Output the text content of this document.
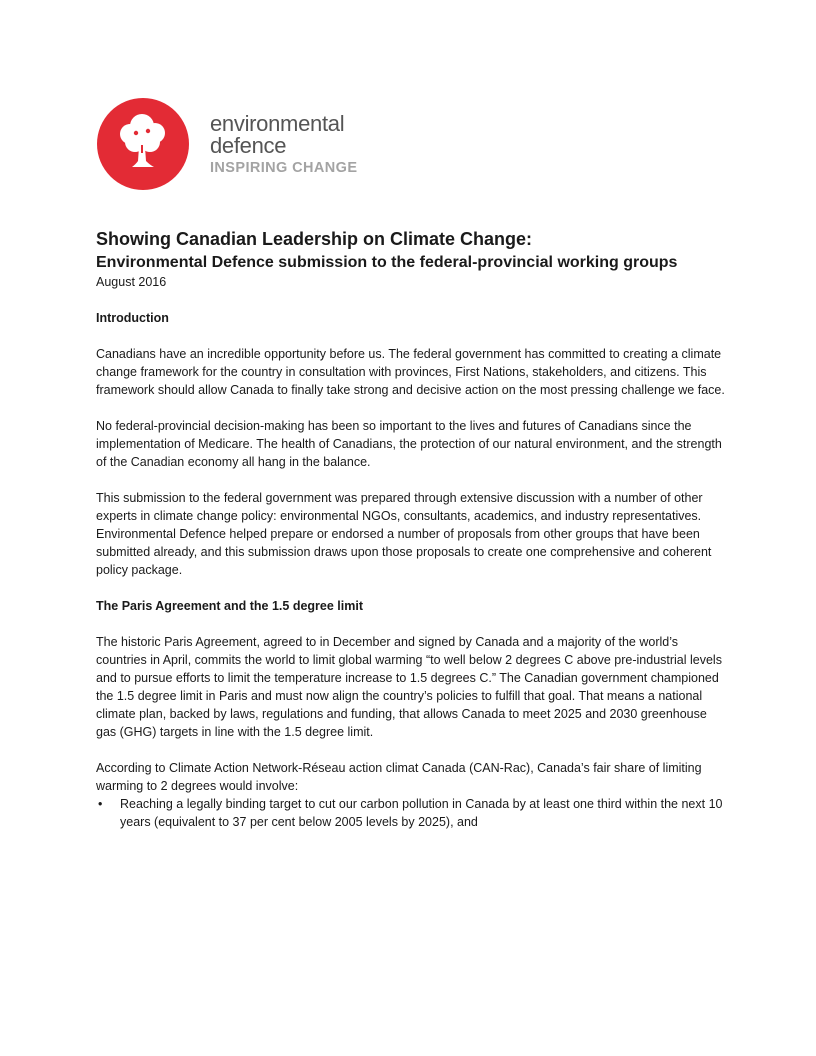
environmental
defence
INSPIRING CHANGE
Showing Canadian Leadership on Climate Change:
Environmental Defence submission to the federal-provincial working groups

August 2016

Introduction

Canadians have an incredible opportunity before us. The federal government has committed to creating a climate change framework for the country in consultation with provinces, First Nations, stakeholders, and citizens. This framework should allow Canada to finally take strong and decisive action on the most pressing challenge we face.

No federal-provincial decision-making has been so important to the lives and futures of Canadians since the implementation of Medicare. The health of Canadians, the protection of our natural environment, and the strength of the Canadian economy all hang in the balance.

This submission to the federal government was prepared through extensive discussion with a number of other experts in climate change policy: environmental NGOs, consultants, academics, and industry representatives. Environmental Defence helped prepare or endorsed a number of proposals from other groups that have been submitted already, and this submission draws upon those proposals to create one comprehensive and coherent policy package.

The Paris Agreement and the 1.5 degree limit

The historic Paris Agreement, agreed to in December and signed by Canada and a majority of the world’s countries in April, commits the world to limit global warming “to well below 2 degrees C above pre-industrial levels and to pursue efforts to limit the temperature increase to 1.5 degrees C.” The Canadian government championed the 1.5 degree limit in Paris and must now align the country’s policies to fulfill that goal. That means a national climate plan, backed by laws, regulations and funding, that allows Canada to meet 2025 and 2030 greenhouse gas (GHG) targets in line with the 1.5 degree limit.

According to Climate Action Network-Réseau action climat Canada (CAN-Rac), Canada’s fair share of limiting warming to 2 degrees would involve:

• Reaching a legally binding target to cut our carbon pollution in Canada by at least one third within the next 10 years (equivalent to 37 per cent below 2005 levels by 2025), and
